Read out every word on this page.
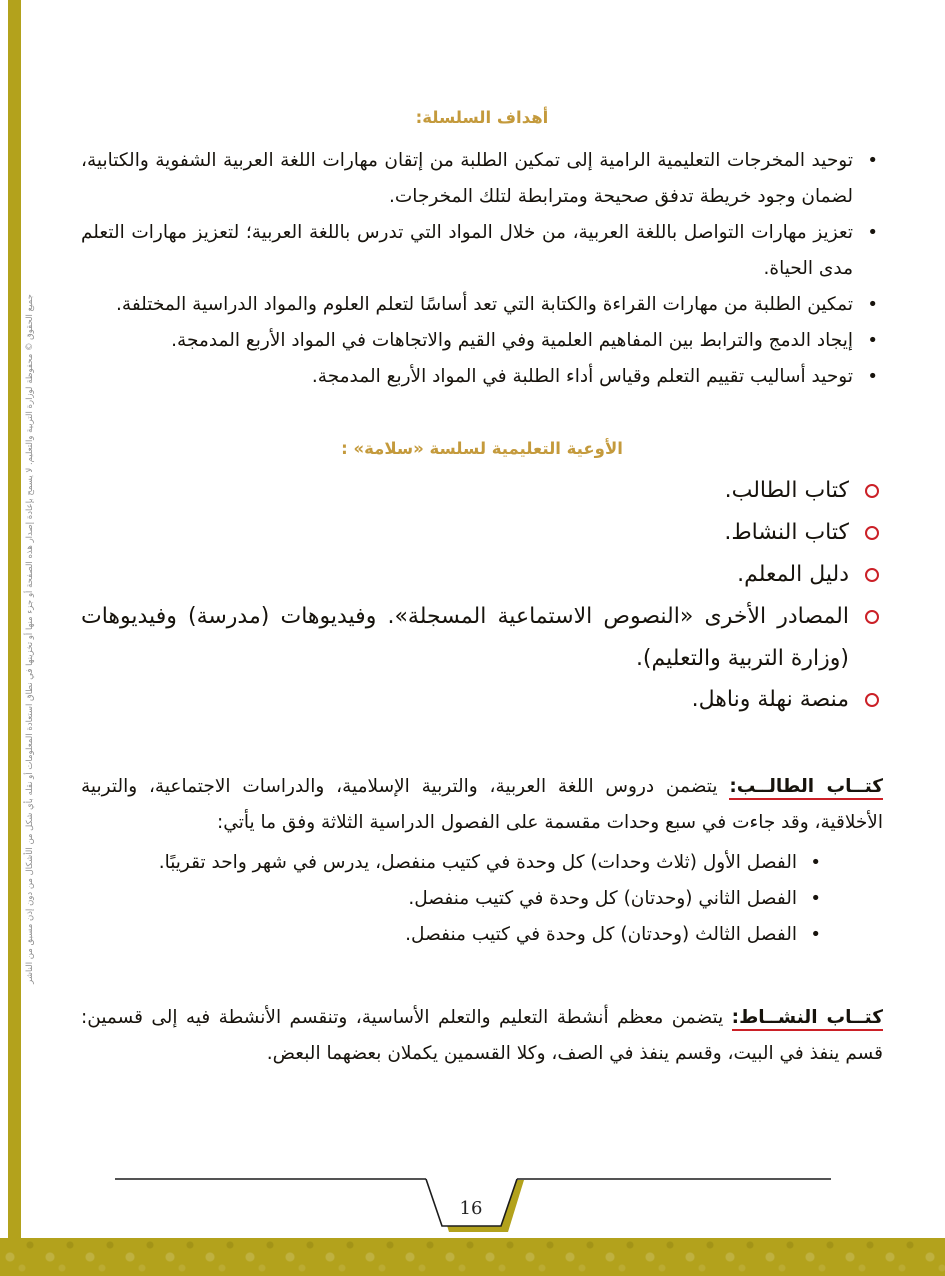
جميع الحقوق © محفوظة لوزارة التربية والتعليم. لا يسمح بإعادة إصدار هذه الصفحة أو جزء منها أو تخزينها في نطاق استعادة المعلومات أو نقله بأي شكل من الأشكال من دون إذن مسبق من الناشر
أهداف السلسلة:
•
توحيد المخرجات التعليمية الرامية إلى تمكين الطلبة من إتقان مهارات اللغة العربية الشفوية والكتابية، لضمان وجود خريطة تدفق صحيحة ومترابطة لتلك المخرجات.
•
تعزيز مهارات التواصل باللغة العربية، من خلال المواد التي تدرس باللغة العربية؛ لتعزيز مهارات التعلم مدى الحياة.
•
تمكين الطلبة من مهارات القراءة والكتابة التي تعد أساسًا لتعلم العلوم والمواد الدراسية المختلفة.
•
إيجاد الدمج والترابط بين المفاهيم العلمية وفي القيم والاتجاهات في المواد الأربع المدمجة.
•
توحيد أساليب تقييم التعلم وقياس أداء الطلبة في المواد الأربع المدمجة.
الأوعية التعليمية لسلسة «سلامة» :
كتاب الطالب.
كتاب النشاط.
دليل المعلم.
المصادر الأخرى «النصوص الاستماعية المسجلة». وفيديوهات (مدرسة) وفيديوهات (وزارة التربية والتعليم).
منصة نهلة وناهل.

كتــاب الطالــب: يتضمن دروس اللغة العربية، والتربية الإسلامية، والدراسات الاجتماعية، والتربية الأخلاقية، وقد جاءت في سبع وحدات مقسمة على الفصول الدراسية الثلاثة وفق ما يأتي:

•
الفصل الأول (ثلاث وحدات) كل وحدة في كتيب منفصل، يدرس في شهر واحد تقريبًا.
•
الفصل الثاني (وحدتان) كل وحدة في كتيب منفصل.
•
الفصل الثالث (وحدتان) كل وحدة في كتيب منفصل.

كتــاب النشــاط: يتضمن معظم أنشطة التعليم والتعلم الأساسية، وتنقسم الأنشطة فيه إلى قسمين: قسم ينفذ في البيت، وقسم ينفذ في الصف، وكلا القسمين يكملان بعضهما البعض.

16
